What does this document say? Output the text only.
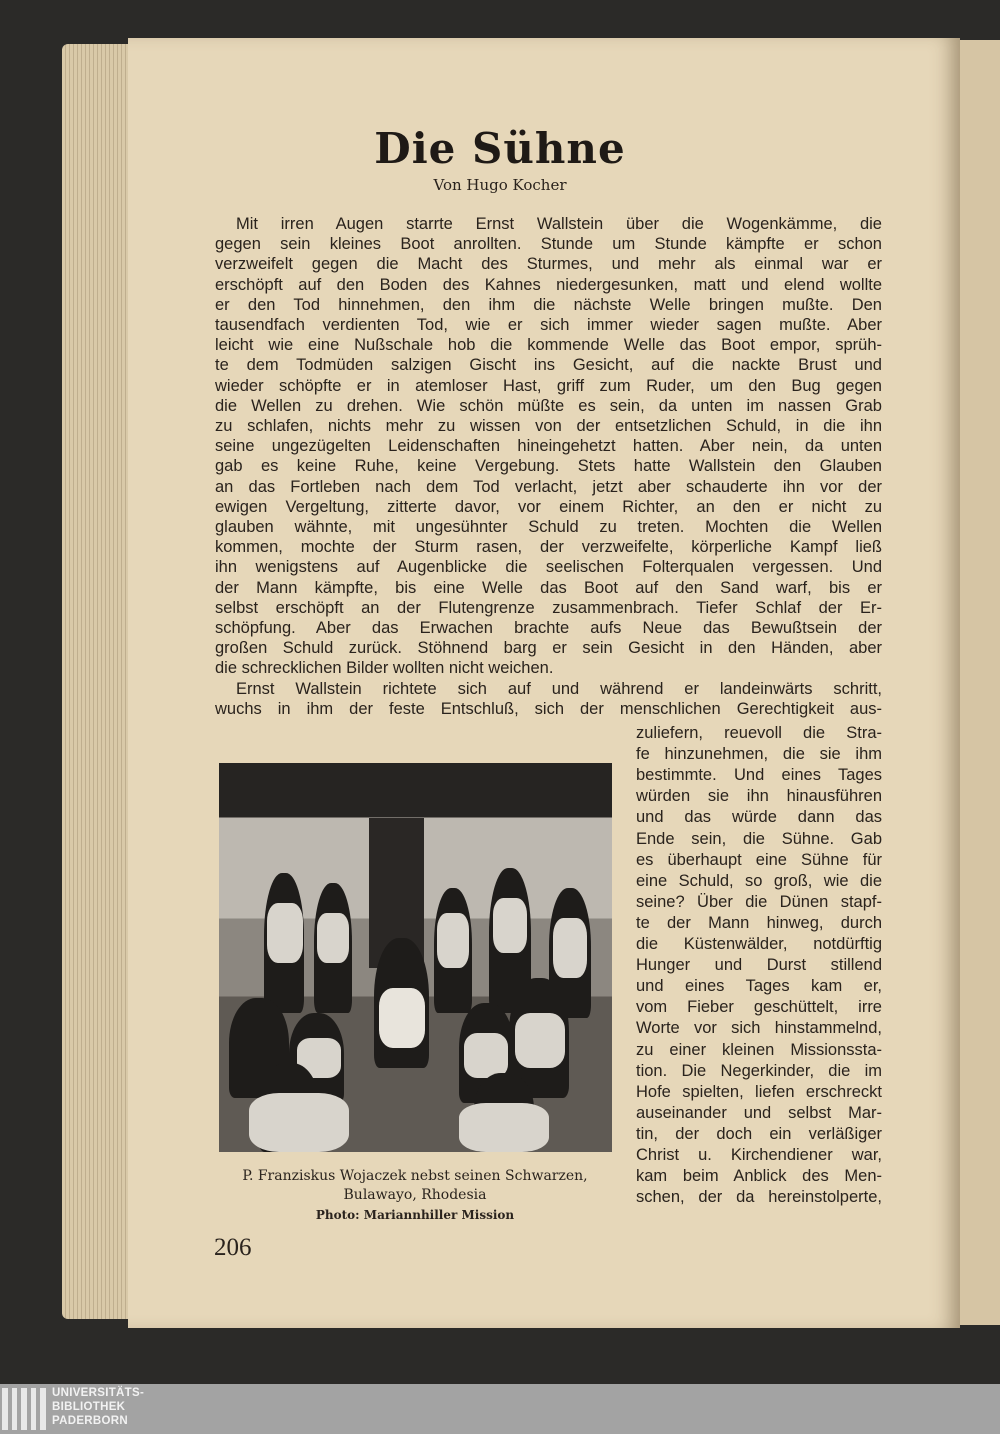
Die Sühne
Von Hugo Kocher
Mit irren Augen starrte Ernst Wallstein über die Wogenkämme, die
gegen sein kleines Boot anrollten. Stunde um Stunde kämpfte er schon
verzweifelt gegen die Macht des Sturmes, und mehr als einmal war er
erschöpft auf den Boden des Kahnes niedergesunken, matt und elend wollte
er den Tod hinnehmen, den ihm die nächste Welle bringen mußte. Den
tausendfach verdienten Tod, wie er sich immer wieder sagen mußte. Aber
leicht wie eine Nußschale hob die kommende Welle das Boot empor, sprüh-
te dem Todmüden salzigen Gischt ins Gesicht, auf die nackte Brust und
wieder schöpfte er in atemloser Hast, griff zum Ruder, um den Bug gegen
die Wellen zu drehen. Wie schön müßte es sein, da unten im nassen Grab
zu schlafen, nichts mehr zu wissen von der entsetzlichen Schuld, in die ihn
seine ungezügelten Leidenschaften hineingehetzt hatten. Aber nein, da unten
gab es keine Ruhe, keine Vergebung. Stets hatte Wallstein den Glauben
an das Fortleben nach dem Tod verlacht, jetzt aber schauderte ihn vor der
ewigen Vergeltung, zitterte davor, vor einem Richter, an den er nicht zu
glauben wähnte, mit ungesühnter Schuld zu treten. Mochten die Wellen
kommen, mochte der Sturm rasen, der verzweifelte, körperliche Kampf ließ
ihn wenigstens auf Augenblicke die seelischen Folterqualen vergessen. Und
der Mann kämpfte, bis eine Welle das Boot auf den Sand warf, bis er
selbst erschöpft an der Flutengrenze zusammenbrach. Tiefer Schlaf der Er-
schöpfung. Aber das Erwachen brachte aufs Neue das Bewußtsein der
großen Schuld zurück. Stöhnend barg er sein Gesicht in den Händen, aber
die schrecklichen Bilder wollten nicht weichen.
Ernst Wallstein richtete sich auf und während er landeinwärts schritt,
wuchs in ihm der feste Entschluß, sich der menschlichen Gerechtigkeit aus-
zuliefern, reuevoll die Stra-
fe hinzunehmen, die sie ihm
bestimmte. Und eines Tages
würden sie ihn hinausführen
und das würde dann das
Ende sein, die Sühne. Gab
es überhaupt eine Sühne für
eine Schuld, so groß, wie die
seine? Über die Dünen stapf-
te der Mann hinweg, durch
die Küstenwälder, notdürftig
Hunger und Durst stillend
und eines Tages kam er,
vom Fieber geschüttelt, irre
Worte vor sich hinstammelnd,
zu einer kleinen Missionssta-
tion. Die Negerkinder, die im
Hofe spielten, liefen erschreckt
auseinander und selbst Mar-
tin, der doch ein verläßiger
Christ u. Kirchendiener war,
kam beim Anblick des Men-
schen, der da hereinstolperte,
P. Franziskus Wojaczek nebst seinen Schwarzen,
Bulawayo, Rhodesia
Photo: Mariannhiller Mission
206
UNIVERSITÄTS-
BIBLIOTHEK
PADERBORN
